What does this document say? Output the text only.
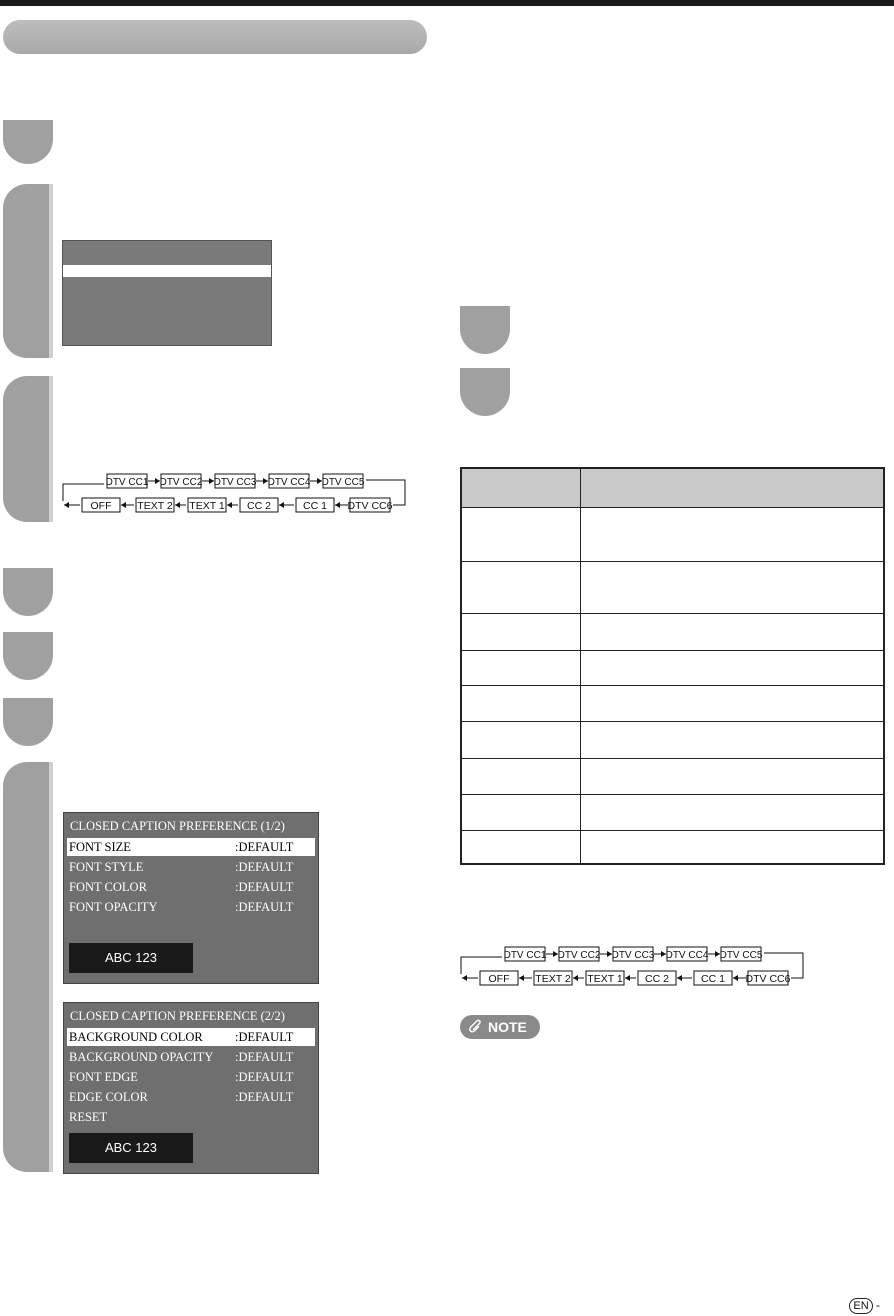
DTV CC1 DTV CC2 DTV CC3 DTV CC4 DTV CC5
OFF TEXT 2 TEXT 1 CC 2	CC 1 DTV CC6
DTV CC1 DTV CC2 DTV CC3 DTV CC4 DTV CC5
OFF TEXT 2 TEXT 1 CC 2	CC 1 DTV CC6
CLOSED CAPTION PREFERENCE (1/2)
FONT SIZE	:DEFAULT
FONT STYLE	:DEFAULT
FONT COLOR	:DEFAULT
FONT OPACITY	:DEFAULT
ABC 123
CLOSED CAPTION PREFERENCE (2/2)
BACKGROUND COLOR	:DEFAULT
BACKGROUND OPACITY :DEFAULT
FONT EDGE	:DEFAULT
EDGE COLOR	:DEFAULT
RESET
ABC 123
NOTE
EN -
